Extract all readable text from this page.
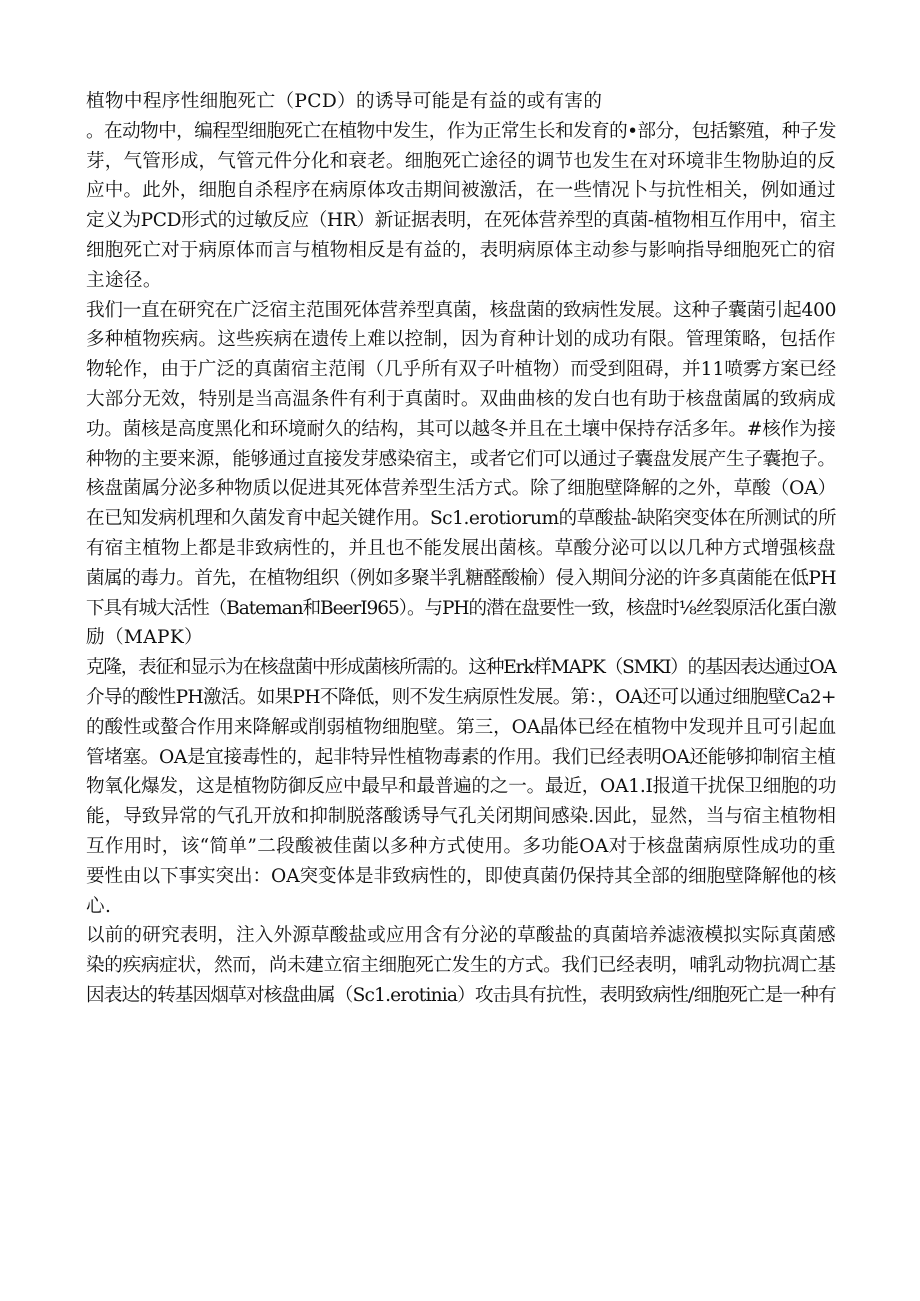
植物中程序性细胞死亡（PCD）的诱导可能是有益的或有害的

。在动物中，编程型细胞死亡在植物中发生，作为正常生长和发育的•部分，包括繁殖，种子发
芽，气管形成，气管元件分化和衰老。细胞死亡途径的调节也发生在对环境非生物胁迫的反
应中。此外，细胞自杀程序在病原体攻击期间被激活，在一些情况卜与抗性相关，例如通过
定义为PCD形式的过敏反应（HR）新证据表明，在死体营养型的真菌-植物相互作用中，宿主
细胞死亡对于病原体而言与植物相反是有益的，表明病原体主动参与影响指导细胞死亡的宿
主途径。
我们一直在研究在广泛宿主范围死体营养型真菌，核盘菌的致病性发展。这种子囊菌引起400
多种植物疾病。这些疾病在遗传上难以控制，因为育种计划的成功有限。管理策略，包括作
物轮作，由于广泛的真菌宿主范闱（几乎所有双子叶植物）而受到阻碍，并11喷雾方案已经
大部分无效，特别是当高温条件有利于真菌时。双曲曲核的发白也有助于核盘菌属的致病成
功。菌核是高度黑化和环境耐久的结构，其可以越冬并且在土壤中保持存活多年。#核作为接
种物的主要来源，能够通过直接发芽感染宿主，或者它们可以通过子囊盘发展产生子囊抱子。
核盘菌属分泌多种物质以促进其死体营养型生活方式。除了细胞壁降解的之外，草酸（OA）
在已知发病机理和久菌发育中起关键作用。Sc1.erotiorum的草酸盐-缺陷突变体在所测试的所
有宿主植物上都是非致病性的，并且也不能发展出菌核。草酸分泌可以以几种方式增强核盘
菌属的毒力。首先，在植物组织（例如多聚半乳糖醛酸榆）侵入期间分泌的许多真菌能在低PH
下具有城大活性（Bateman和BeerI965）。与PH的潜在盘要性一致，核盘时⅛丝裂原活化蛋白激
励（MAPK）
克隆，表征和显示为在核盘菌中形成菌核所需的。这种Erk样MAPK（SMKI）的基因表达通过OA
介导的酸性PH激活。如果PH不降低，则不发生病原性发展。第：，OA还可以通过细胞壁Ca2+
的酸性或螯合作用来降解或削弱植物细胞壁。第三，OA晶体已经在植物中发现并且可引起血
管堵塞。OA是宜接毒性的，起非特异性植物毒素的作用。我们已经表明OA还能够抑制宿主植
物氧化爆发，这是植物防御反应中最早和最普遍的之一。最近，OA1.I报道干扰保卫细胞的功
能，导致异常的气孔开放和抑制脱落酸诱导气孔关闭期间感染.因此，显然，当与宿主植物相
互作用时，该“简单”二段酸被佳菌以多种方式使用。多功能OA对于核盘菌病原性成功的重
要性由以下事实突出：OA突变体是非致病性的，即使真菌仍保持其全部的细胞壁降解他的核
心.
以前的研究表明，注入外源草酸盐或应用含有分泌的草酸盐的真菌培养滤液模拟实际真菌感
染的疾病症状，然而，尚未建立宿主细胞死亡发生的方式。我们已经表明，哺乳动物抗凋亡基
因表达的转基因烟草对核盘曲属（Sc1.erotinia）攻击具有抗性，表明致病性/细胞死亡是一种有
